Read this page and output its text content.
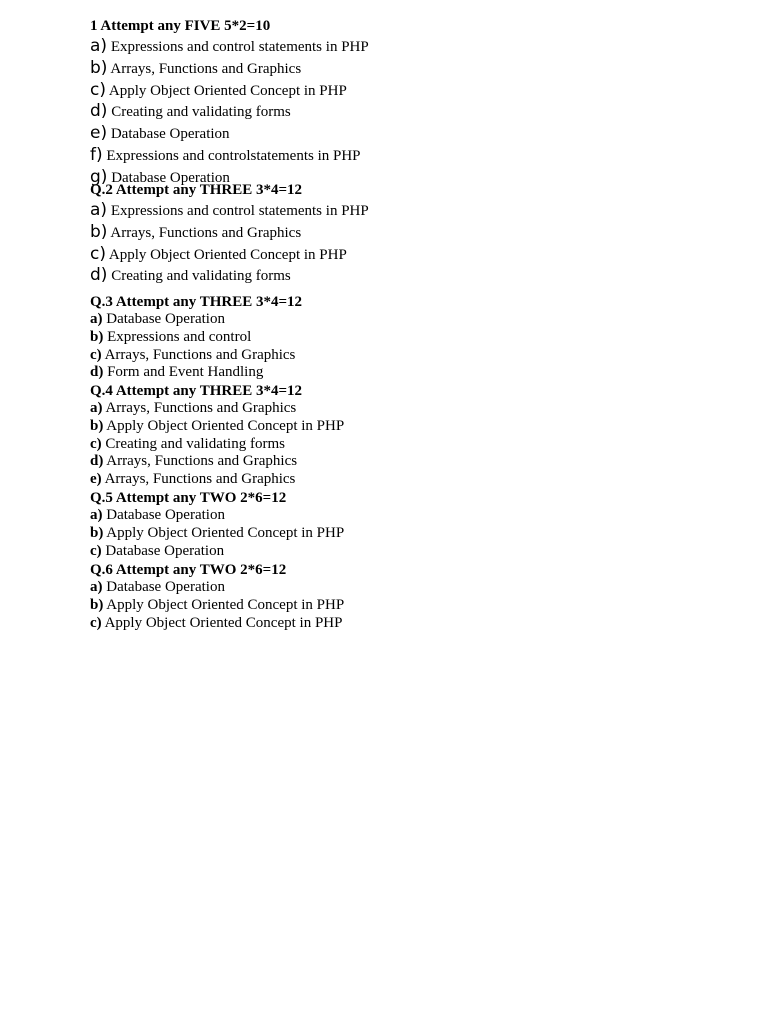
1 Attempt any FIVE 5*2=10
a) Expressions and control statements in PHP
b) Arrays, Functions and Graphics
c) Apply Object Oriented Concept in PHP
d) Creating and validating forms
e) Database Operation
f) Expressions and controlstatements in PHP
g) Database Operation
Q.2 Attempt any THREE 3*4=12
a) Expressions and control statements in PHP
b) Arrays, Functions and Graphics
c) Apply Object Oriented Concept in PHP
d) Creating and validating forms
Q.3 Attempt any THREE 3*4=12
a) Database Operation
b) Expressions and control
c) Arrays, Functions and Graphics
d) Form and Event Handling
Q.4 Attempt any THREE 3*4=12
a) Arrays, Functions and Graphics
b) Apply Object Oriented Concept in PHP
c) Creating and validating forms
d) Arrays, Functions and Graphics
e) Arrays, Functions and Graphics
Q.5 Attempt any TWO 2*6=12
a) Database Operation
b) Apply Object Oriented Concept in PHP
c) Database Operation
Q.6 Attempt any TWO 2*6=12
a) Database Operation
b) Apply Object Oriented Concept in PHP
c) Apply Object Oriented Concept in PHP
